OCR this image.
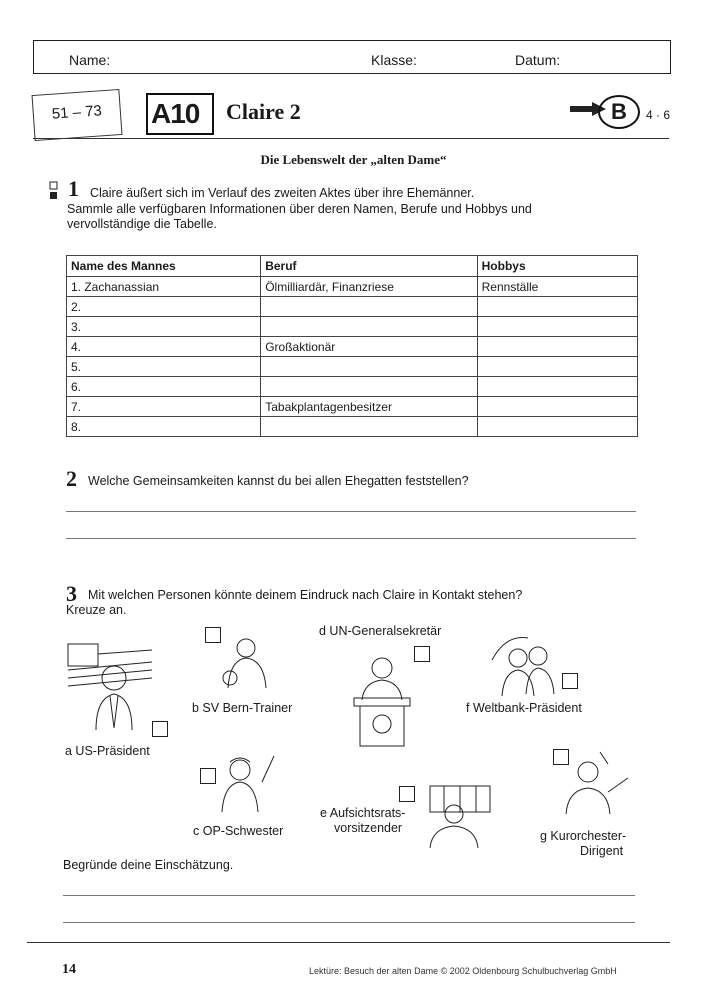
Name:	Klasse:	Datum:
51 – 73 A10 Claire 2	B	4 · 6
Die Lebenswelt der „alten Dame“
1 Claire äußert sich im Verlauf des zweiten Aktes über ihre Ehemänner.
Sammle alle verfügbaren Informationen über deren Namen, Berufe und Hobbys und
vervollständige die Tabelle.
Name des Mannes	Beruf	Hobbys
1. Zachanassian	Ölmilliardär, Finanzriese	Rennställe
2.		
3.		
4.	Großaktionär	
5.		
6.		
7.	Tabakplantagenbesitzer	
8.		
2 Welche Gemeinsamkeiten kannst du bei allen Ehegatten feststellen?
3 Mit welchen Personen könnte deinem Eindruck nach Claire in Kontakt stehen?
Kreuze an.
a US-Präsident
b SV Bern-Trainer
c OP-Schwester
d UN-Generalsekretär
e Aufsichtsrats-
vorsitzender
f Weltbank-Präsident
g Kurorchester-
Dirigent
Begründe deine Einschätzung.
14	Lektüre: Besuch der alten Dame © 2002 Oldenbourg Schulbuchverlag GmbH
